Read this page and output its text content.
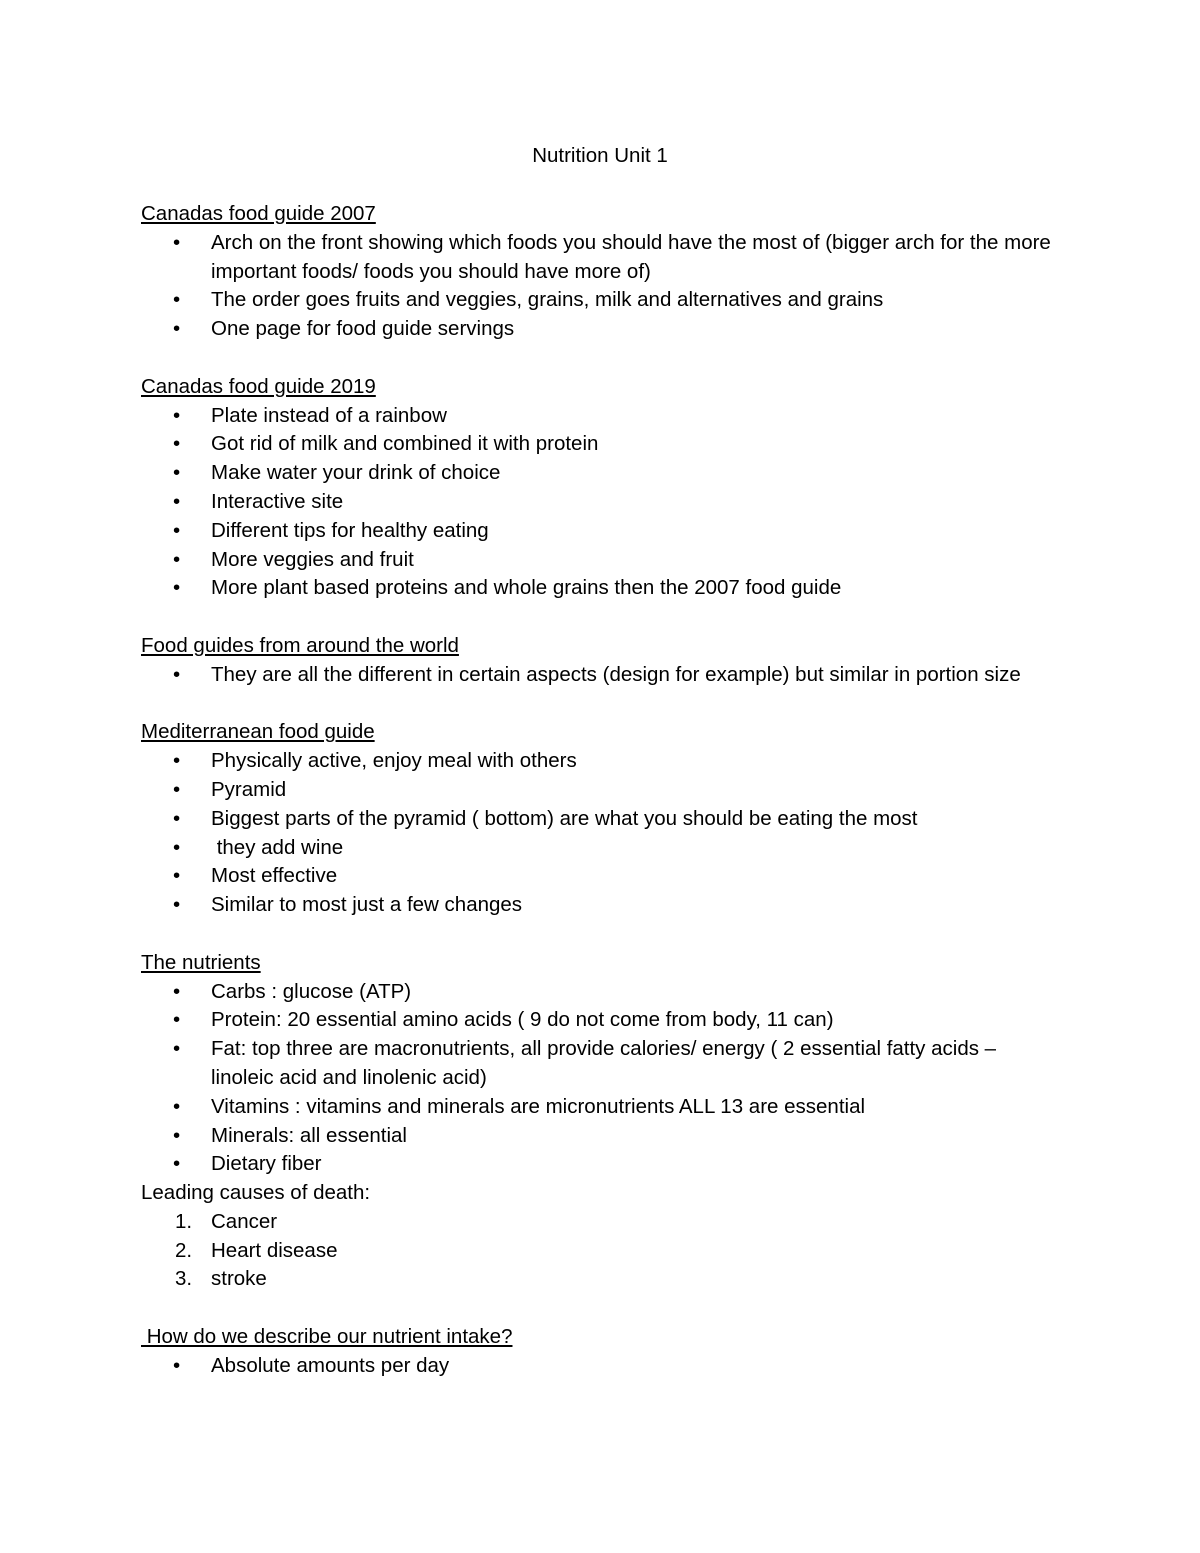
Nutrition Unit 1

Canadas food guide 2007

• Arch on the front showing which foods you should have the most of (bigger arch for the more important foods/ foods you should have more of)
• The order goes fruits and veggies, grains, milk and alternatives and grains
• One page for food guide servings

Canadas food guide 2019

• Plate instead of a rainbow
• Got rid of milk and combined it with protein
• Make water your drink of choice
• Interactive site
• Different tips for healthy eating
• More veggies and fruit
• More plant based proteins and whole grains then the 2007 food guide

Food guides from around the world

• They are all the different in certain aspects (design for example) but similar in portion size

Mediterranean food guide

• Physically active, enjoy meal with others
• Pyramid
• Biggest parts of the pyramid ( bottom) are what you should be eating the most
•  they add wine
• Most effective
• Similar to most just a few changes

The nutrients

• Carbs : glucose (ATP)
• Protein: 20 essential amino acids ( 9 do not come from body, 11 can)
• Fat: top three are macronutrients, all provide calories/ energy ( 2 essential fatty acids – linoleic acid and linolenic acid)
• Vitamins : vitamins and minerals are micronutrients ALL 13 are essential
• Minerals: all essential
• Dietary fiber

Leading causes of death:

1. Cancer
2. Heart disease
3. stroke

How do we describe our nutrient intake?

• Absolute amounts per day
